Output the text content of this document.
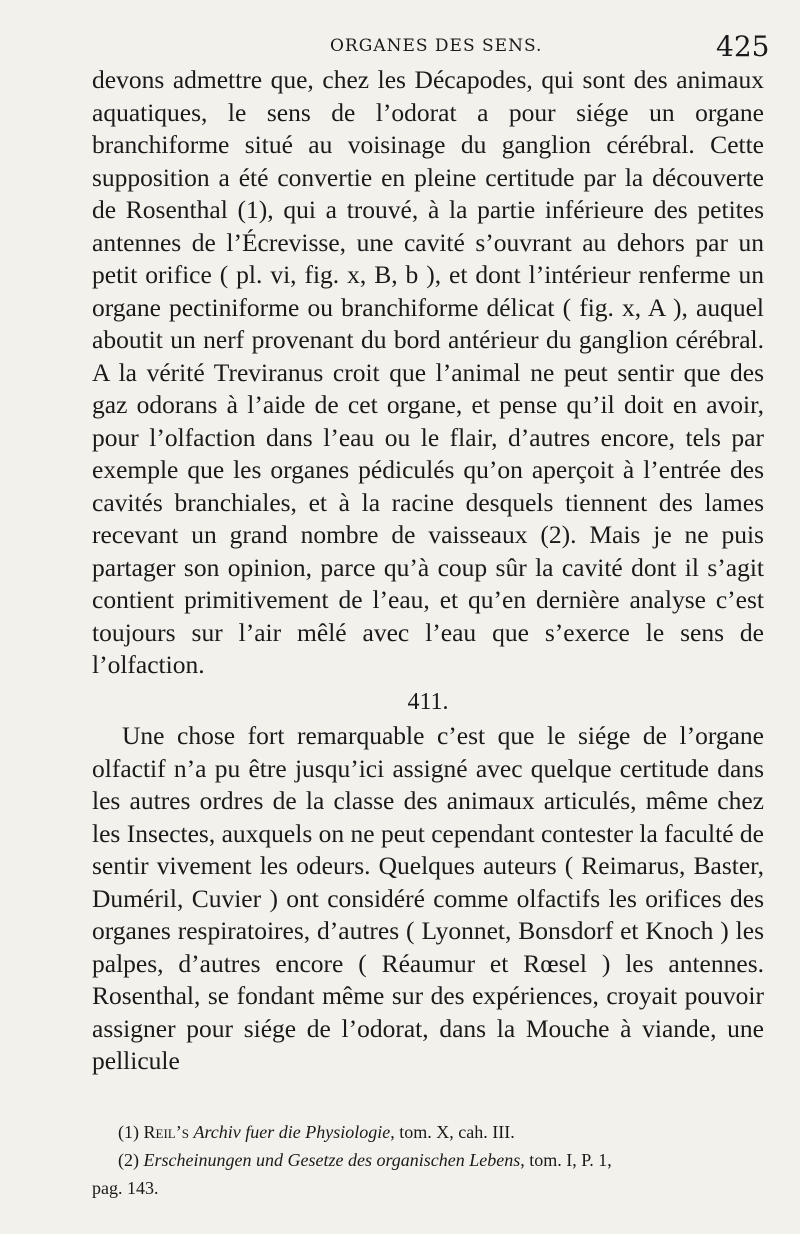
ORGANES DES SENS.	425

devons admettre que, chez les Décapodes, qui sont des animaux aquatiques, le sens de l’odorat a pour siége un organe branchiforme situé au voisinage du ganglion cérébral. Cette supposition a été convertie en pleine certitude par la découverte de Rosenthal (1), qui a trouvé, à la partie inférieure des petites antennes de l’Écrevisse, une cavité s’ouvrant au dehors par un petit orifice ( pl. vi, fig. x, B, b ), et dont l’intérieur renferme un organe pectiniforme ou branchiforme délicat ( fig. x, A ), auquel aboutit un nerf provenant du bord antérieur du ganglion cérébral. A la vérité Treviranus croit que l’animal ne peut sentir que des gaz odorans à l’aide de cet organe, et pense qu’il doit en avoir, pour l’olfaction dans l’eau ou le flair, d’autres encore, tels par exemple que les organes pédiculés qu’on aperçoit à l’entrée des cavités branchiales, et à la racine desquels tiennent des lames recevant un grand nombre de vaisseaux (2). Mais je ne puis partager son opinion, parce qu’à coup sûr la cavité dont il s’agit contient primitivement de l’eau, et qu’en dernière analyse c’est toujours sur l’air mêlé avec l’eau que s’exerce le sens de l’olfaction.

411.

Une chose fort remarquable c’est que le siége de l’organe olfactif n’a pu être jusqu’ici assigné avec quelque certitude dans les autres ordres de la classe des animaux articulés, même chez les Insectes, auxquels on ne peut cependant contester la faculté de sentir vivement les odeurs. Quelques auteurs ( Reimarus, Baster, Duméril, Cuvier ) ont considéré comme olfactifs les orifices des organes respiratoires, d’autres ( Lyonnet, Bonsdorf et Knoch ) les palpes, d’autres encore ( Réaumur et Rœsel ) les antennes. Rosenthal, se fondant même sur des expériences, croyait pouvoir assigner pour siége de l’odorat, dans la Mouche à viande, une pellicule

(1) Reil’s Archiv fuer die Physiologie, tom. X, cah. III.

(2) Erscheinungen und Gesetze des organischen Lebens, tom. I, P. 1,

pag. 143.
